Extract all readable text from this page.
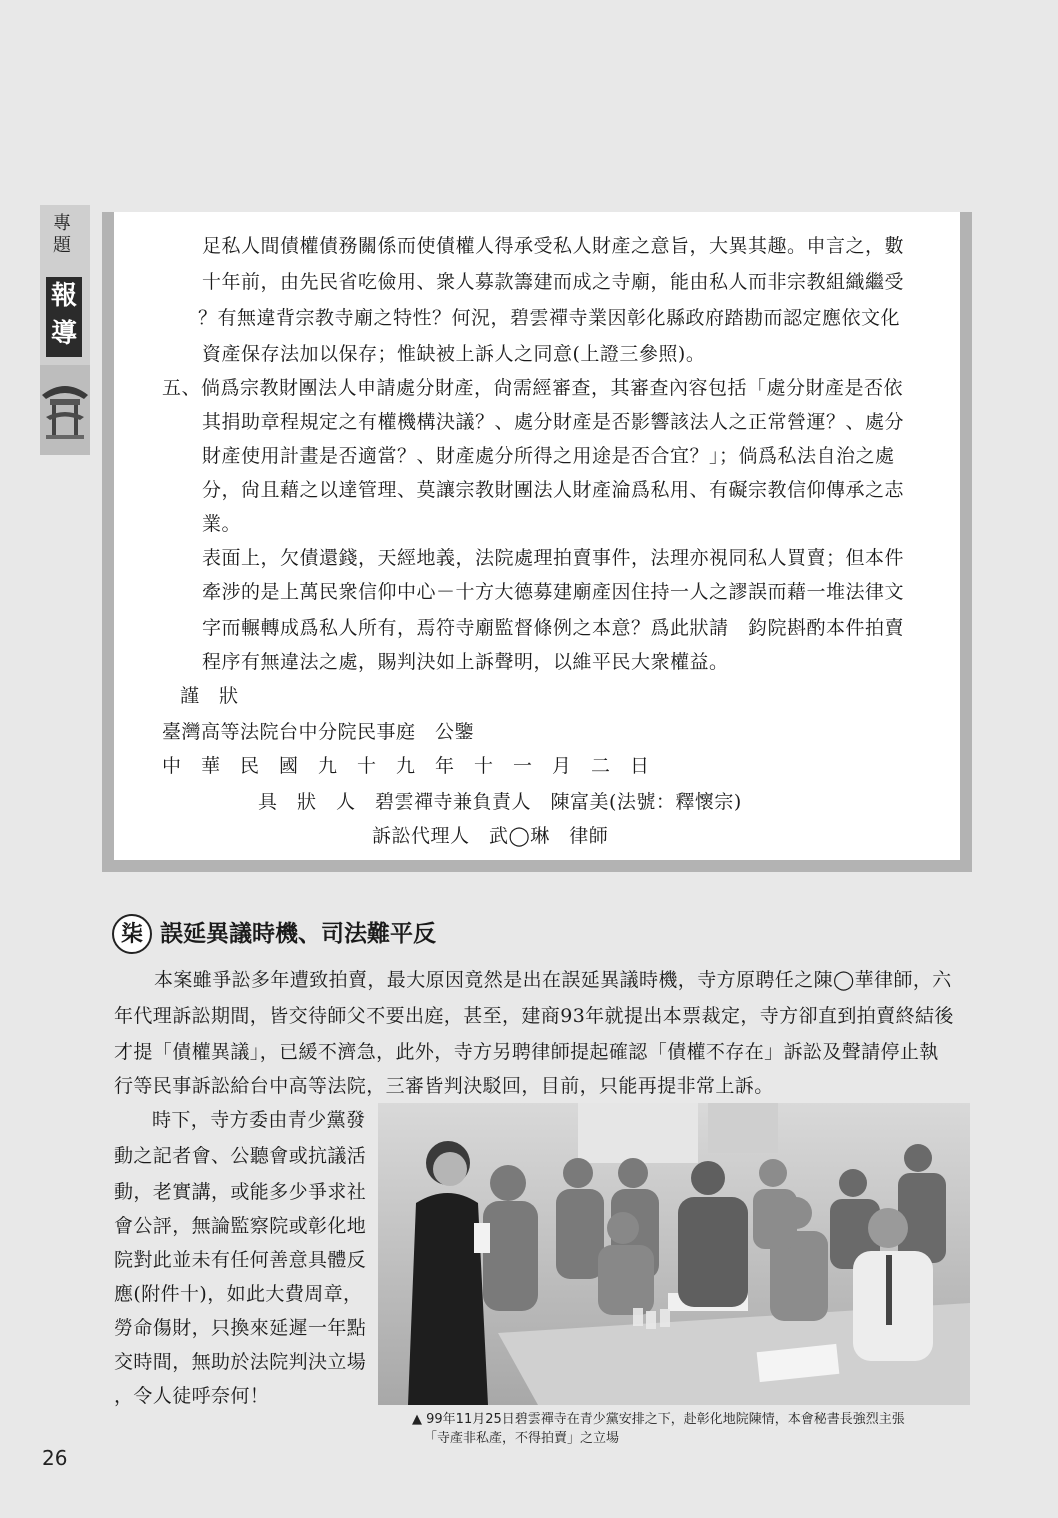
專
題
報
導
足私人間債權債務關係而使債權人得承受私人財產之意旨，大異其趣。申言之，數
十年前，由先民省吃儉用、衆人募款籌建而成之寺廟，能由私人而非宗教組織繼受
？有無違背宗教寺廟之特性？何況，碧雲禪寺業因彰化縣政府踏勘而認定應依文化
資產保存法加以保存；惟缺被上訴人之同意(上證三參照)。
五、倘爲宗教財團法人申請處分財產，尙需經審查，其審查內容包括「處分財產是否依
其捐助章程規定之有權機構決議？、處分財產是否影響該法人之正常營運？、處分
財產使用計畫是否適當？、財產處分所得之用途是否合宜？」；倘爲私法自治之處
分，尙且藉之以達管理、莫讓宗教財團法人財產淪爲私用、有礙宗教信仰傳承之志
業。
表面上，欠債還錢，天經地義，法院處理拍賣事件，法理亦視同私人買賣；但本件
牽涉的是上萬民衆信仰中心－十方大德募建廟產因住持一人之謬誤而藉一堆法律文
字而輾轉成爲私人所有，焉符寺廟監督條例之本意？爲此狀請　鈞院斟酌本件拍賣
程序有無違法之處，賜判決如上訴聲明，以維平民大衆權益。
謹　狀
臺灣高等法院台中分院民事庭　公鑒
中　華　民　國　九　十　九　年　十　一　月　二　日
具　狀　人　碧雲禪寺兼負責人　陳富美(法號：釋懷宗)
訴訟代理人　武◯琳　律師
柒 誤延異議時機、司法難平反
本案雖爭訟多年遭致拍賣，最大原因竟然是出在誤延異議時機，寺方原聘任之陳◯華律師，六
年代理訴訟期間，皆交待師父不要出庭，甚至，建商93年就提出本票裁定，寺方卻直到拍賣終結後
才提「債權異議」，已緩不濟急，此外，寺方另聘律師提起確認「債權不存在」訴訟及聲請停止執
行等民事訴訟給台中高等法院，三審皆判決駁回，目前，只能再提非常上訴。
時下，寺方委由青少黨發
動之記者會、公聽會或抗議活
動，老實講，或能多少爭求社
會公評，無論監察院或彰化地
院對此並未有任何善意具體反
應(附件十)，如此大費周章，
勞命傷財，只換來延遲一年點
交時間，無助於法院判決立場
，令人徒呼奈何！
▲ 99年11月25日碧雲禪寺在青少黨安排之下，赴彰化地院陳情，本會秘書長強烈主張
「寺產非私產，不得拍賣」之立場
26
